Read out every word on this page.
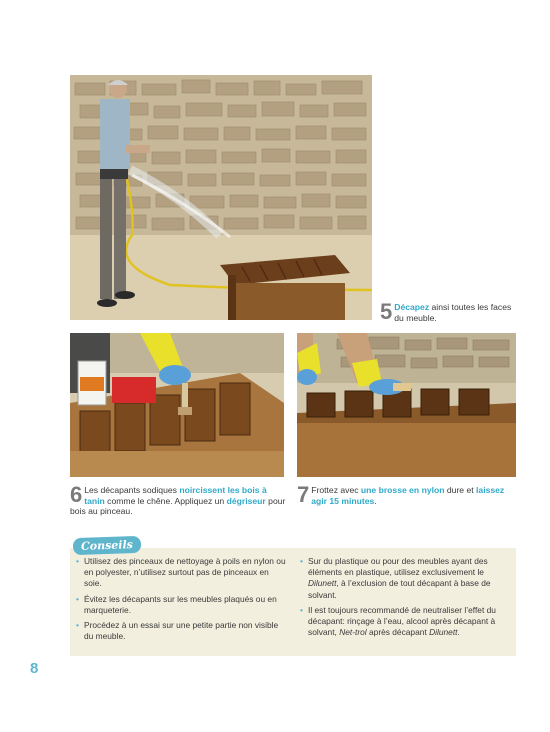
5 Décapez ainsi toutes les faces du meuble.
6 Les décapants sodiques noircissent les bois à tanin comme le chêne. Appliquez un dégriseur pour bois au pinceau.
7 Frottez avec une brosse en nylon dure et laissez agir 15 minutes.
Conseils
• Utilisez des pinceaux de nettoyage à poils en nylon ou en polyester, n’utilisez surtout pas de pinceaux en soie.
• Évitez les décapants sur les meubles plaqués ou en marqueterie.
• Procédez à un essai sur une petite partie non visible du meuble.
• Sur du plastique ou pour des meubles ayant des éléments en plastique, utilisez exclusivement le Dilunett, à l’exclusion de tout décapant à base de solvant.
• Il est toujours recommandé de neutraliser l’effet du décapant: rinçage à l’eau, alcool après décapant à solvant, Net-trol après décapant Dilunett.
8
